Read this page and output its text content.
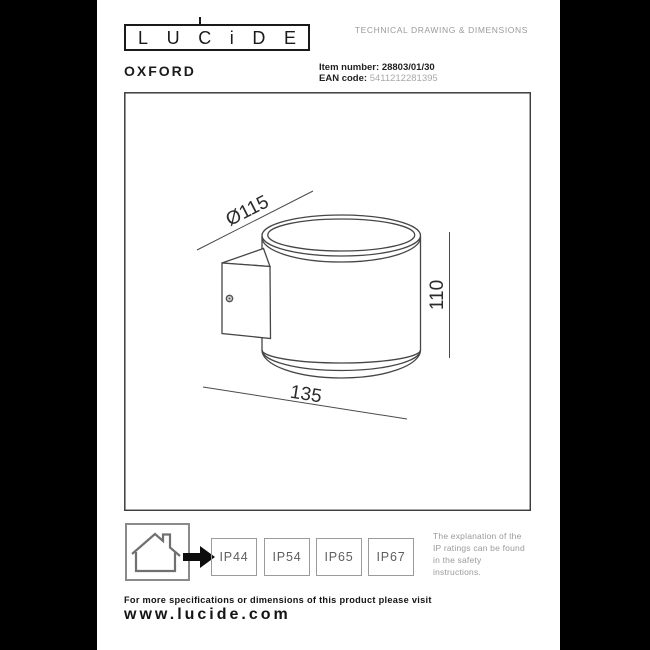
LUCiDE	TECHNICAL DRAWING & DIMENSIONS
OXFORD	Item number: 28803/01/30
EAN code: 5411212281395
Ø115
110
135
IP44 IP54 IP65 IP67
The explanation of the
IP ratings can be found
in the safety
instructions.
For more specifications or dimensions of this product please visit
www.lucide.com
